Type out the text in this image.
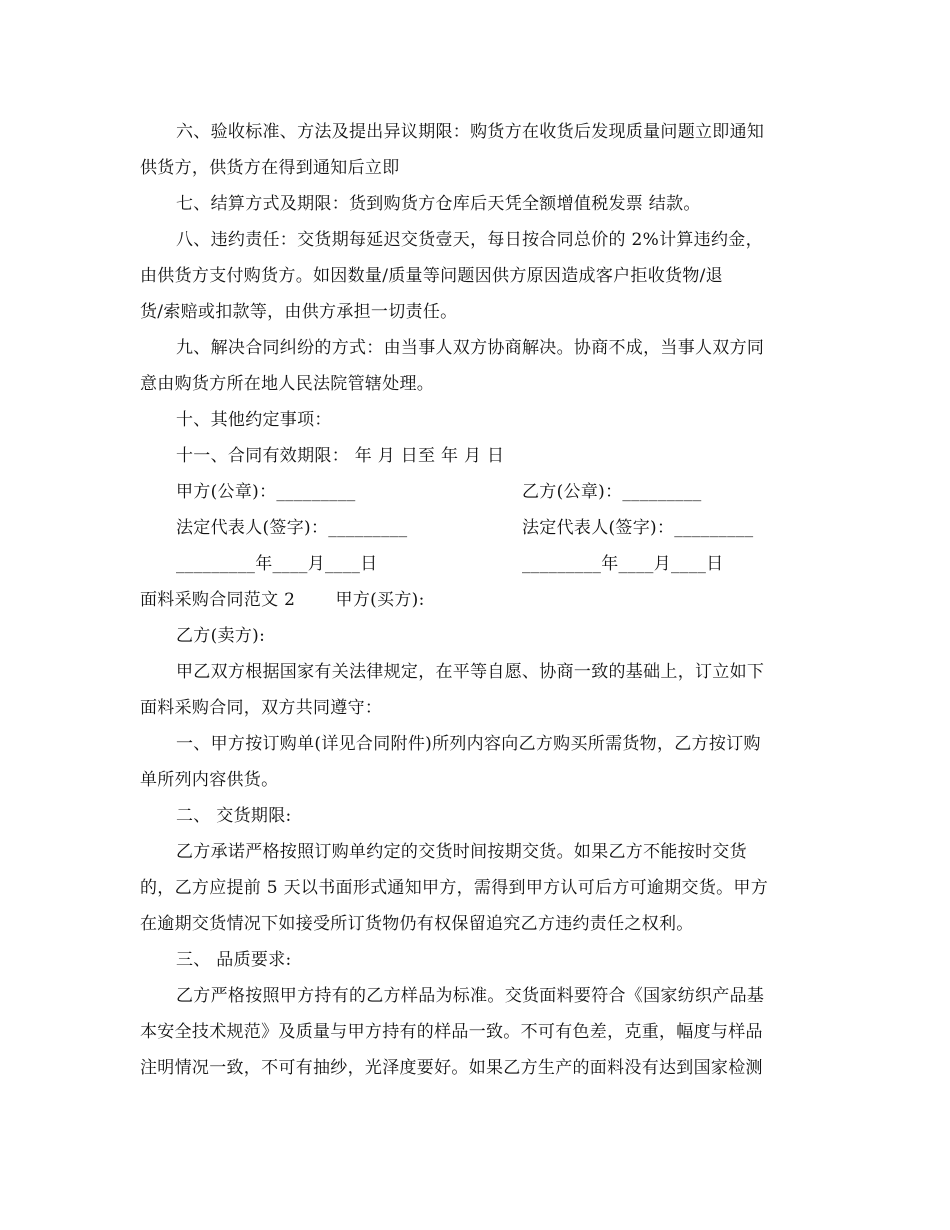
六、验收标准、方法及提出异议期限：购货方在收货后发现质量问题立即通知
供货方，供货方在得到通知后立即
七、结算方式及期限：货到购货方仓库后天凭全额增值税发票 结款。
八、违约责任：交货期每延迟交货壹天，每日按合同总价的 2%计算违约金，
由供货方支付购货方。如因数量/质量等问题因供方原因造成客户拒收货物/退
货/索赔或扣款等，由供方承担一切责任。
九、解决合同纠纷的方式：由当事人双方协商解决。协商不成，当事人双方同
意由购货方所在地人民法院管辖处理。
十、其他约定事项：
十一、合同有效期限： 年 月 日至 年 月 日
甲方(公章)：_________	乙方(公章)：_________
法定代表人(签字)：_________	法定代表人(签字)：_________
_________年____月____日	_________年____月____日
面料采购合同范文 2　　 甲方(买方):
乙方(卖方):
甲乙双方根据国家有关法律规定，在平等自愿、协商一致的基础上，订立如下
面料采购合同，双方共同遵守：
一、甲方按订购单(详见合同附件)所列内容向乙方购买所需货物，乙方按订购
单所列内容供货。
二、 交货期限:
乙方承诺严格按照订购单约定的交货时间按期交货。如果乙方不能按时交货
的，乙方应提前 5 天以书面形式通知甲方，需得到甲方认可后方可逾期交货。甲方
在逾期交货情况下如接受所订货物仍有权保留追究乙方违约责任之权利。
三、 品质要求:
乙方严格按照甲方持有的乙方样品为标准。交货面料要符合《国家纺织产品基
本安全技术规范》及质量与甲方持有的样品一致。不可有色差，克重，幅度与样品
注明情况一致，不可有抽纱，光泽度要好。如果乙方生产的面料没有达到国家检测
